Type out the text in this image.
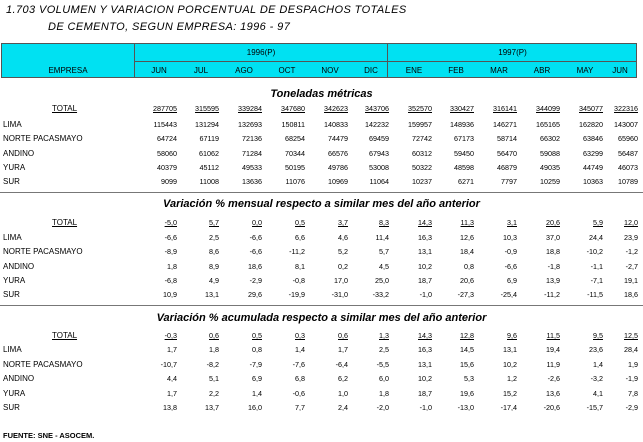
1.703 VOLUMEN Y VARIACION PORCENTUAL DE DESPACHOS TOTALES
DE CEMENTO, SEGUN EMPRESA: 1996 - 97
EMPRESA
1996(P)	1997(P)
JUN	JUL	AGO	OCT	NOV	DIC	ENE	FEB	MAR	ABR	MAY	JUN
Toneladas métricas
TOTAL	287705	315595	339284	347680	342623	343706	352570	330427	316141	344099	345077	322316
LIMA	115443	131294	132693	150811	140833	142232	159957	148936	146271	165165	162820	143007
NORTE PACASMAYO	64724	67119	72136	68254	74479	69459	72742	67173	58714	66302	63846	65960
ANDINO	58060	61062	71284	70344	66576	67943	60312	59450	56470	59088	63299	56487
YURA	40379	45112	49533	50195	49786	53008	50322	48598	46879	49035	44749	46073
SUR	9099	11008	13636	11076	10969	11064	10237	6271	7797	10259	10363	10789
Variación % mensual respecto a similar mes del año anterior
TOTAL	-5,0	5,7	0,0	0,5	3,7	8,3	14,3	11,3	3,1	20,6	5,9	12,0
LIMA	-6,6	2,5	-6,6	6,6	4,6	11,4	16,3	12,6	10,3	37,0	24,4	23,9
NORTE PACASMAYO	-8,9	8,6	-6,6	-11,2	5,2	5,7	13,1	18,4	-0,9	18,8	-10,2	-1,2
ANDINO	1,8	8,9	18,6	8,1	0,2	4,5	10,2	0,8	-6,6	-1,8	-1,1	-2,7
YURA	-6,8	4,9	-2,9	-0,8	17,0	25,0	18,7	20,6	6,9	13,9	-7,1	19,1
SUR	10,9	13,1	29,6	-19,9	-31,0	-33,2	-1,0	-27,3	-25,4	-11,2	-11,5	18,6
Variación % acumulada respecto a similar mes del año anterior
TOTAL	-0,3	0,6	0,5	0,3	0,6	1,3	14,3	12,8	9,6	11,5	9,5	12,5
LIMA	1,7	1,8	0,8	1,4	1,7	2,5	16,3	14,5	13,1	19,4	23,6	28,4
NORTE PACASMAYO	-10,7	-8,2	-7,9	-7,6	-6,4	-5,5	13,1	15,6	10,2	11,9	1,4	1,9
ANDINO	4,4	5,1	6,9	6,8	6,2	6,0	10,2	5,3	1,2	-2,6	-3,2	-1,9
YURA	1,7	2,2	1,4	-0,6	1,0	1,8	18,7	19,6	15,2	13,6	4,1	7,8
SUR	13,8	13,7	16,0	7,7	2,4	-2,0	-1,0	-13,0	-17,4	-20,6	-15,7	-2,9
FUENTE: SNE - ASOCEM.
